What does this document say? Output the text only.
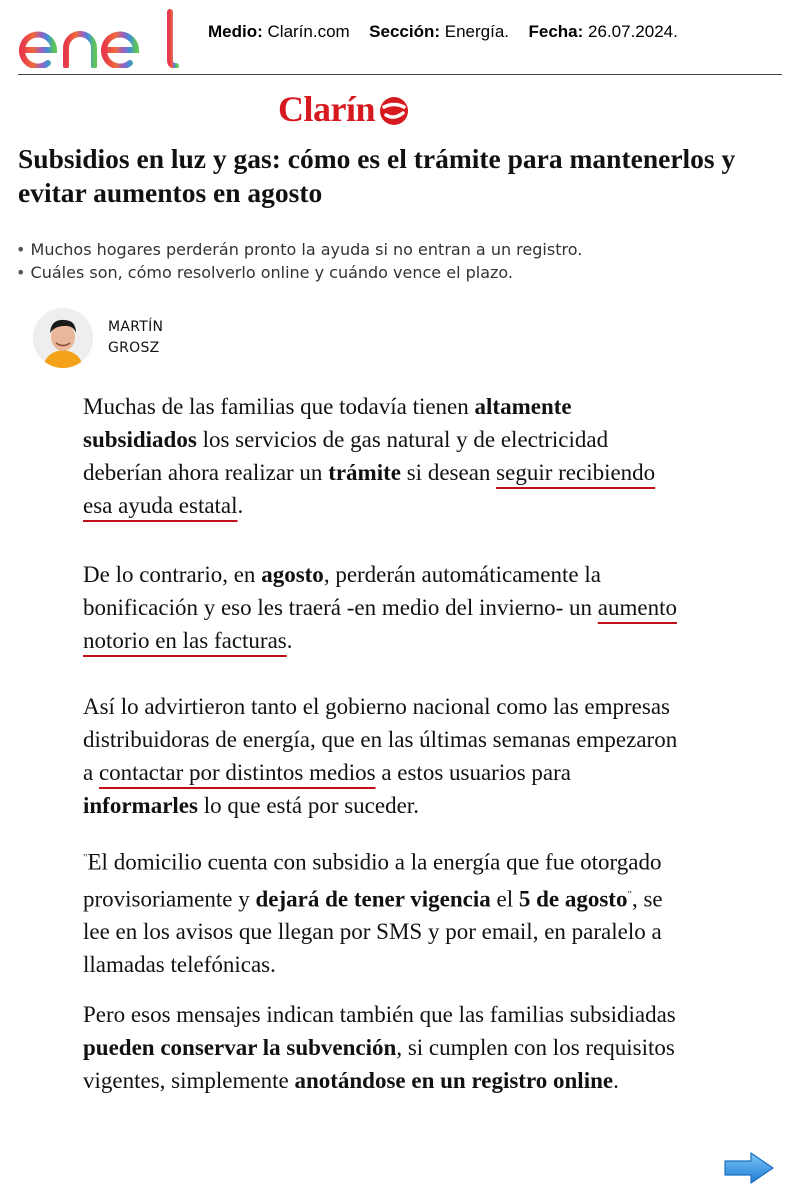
Medio: Clarín.com Sección: Energía. Fecha: 26.07.2024.
Clarín
Subsidios en luz y gas: cómo es el trámite para mantenerlos y evitar aumentos en agosto
• Muchos hogares perderán pronto la ayuda si no entran a un registro.
• Cuáles son, cómo resolverlo online y cuándo vence el plazo.
MARTÍN
GROSZ

Muchas de las familias que todavía tienen altamente subsidiados los servicios de gas natural y de electricidad deberían ahora realizar un trámite si desean seguir recibiendo esa ayuda estatal.

De lo contrario, en agosto, perderán automáticamente la bonificación y eso les traerá -en medio del invierno- un aumento notorio en las facturas.

Así lo advirtieron tanto el gobierno nacional como las empresas distribuidoras de energía, que en las últimas semanas empezaron a contactar por distintos medios a estos usuarios para informarles lo que está por suceder.

"El domicilio cuenta con subsidio a la energía que fue otorgado provisoriamente y dejará de tener vigencia el 5 de agosto", se lee en los avisos que llegan por SMS y por email, en paralelo a llamadas telefónicas.

Pero esos mensajes indican también que las familias subsidiadas pueden conservar la subvención, si cumplen con los requisitos vigentes, simplemente anotándose en un registro online.
